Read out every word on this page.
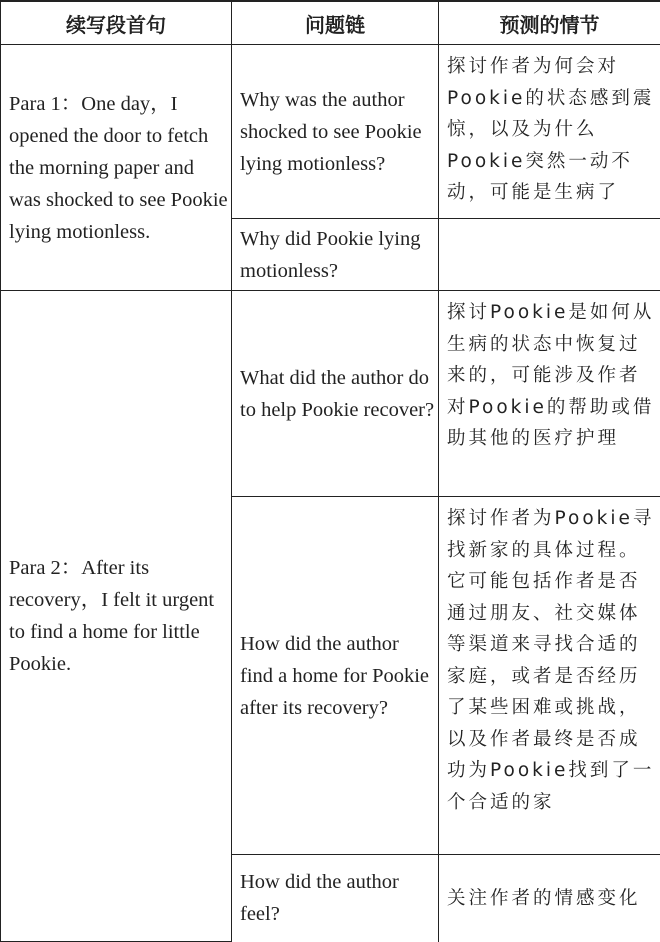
续写段首句	问题链	预测的情节
Para 1：One day，I opened the door to fetch the morning paper and was shocked to see Pookie lying motionless.	Why was the author shocked to see Pookie lying motionless?	探讨作者为何会对Pookie的状态感到震惊，以及为什么Pookie突然一动不动，可能是生病了
	Why did Pookie lying motionless?	
Para 2：After its recovery，I felt it urgent to find a home for little Pookie.	What did the author do to help Pookie recover?	探讨Pookie是如何从生病的状态中恢复过来的，可能涉及作者对Pookie的帮助或借助其他的医疗护理
	How did the author find a home for Pookie after its recovery?	探讨作者为Pookie寻找新家的具体过程。它可能包括作者是否通过朋友、社交媒体等渠道来寻找合适的家庭，或者是否经历了某些困难或挑战，以及作者最终是否成功为Pookie找到了一个合适的家
	How did the author feel?	关注作者的情感变化
